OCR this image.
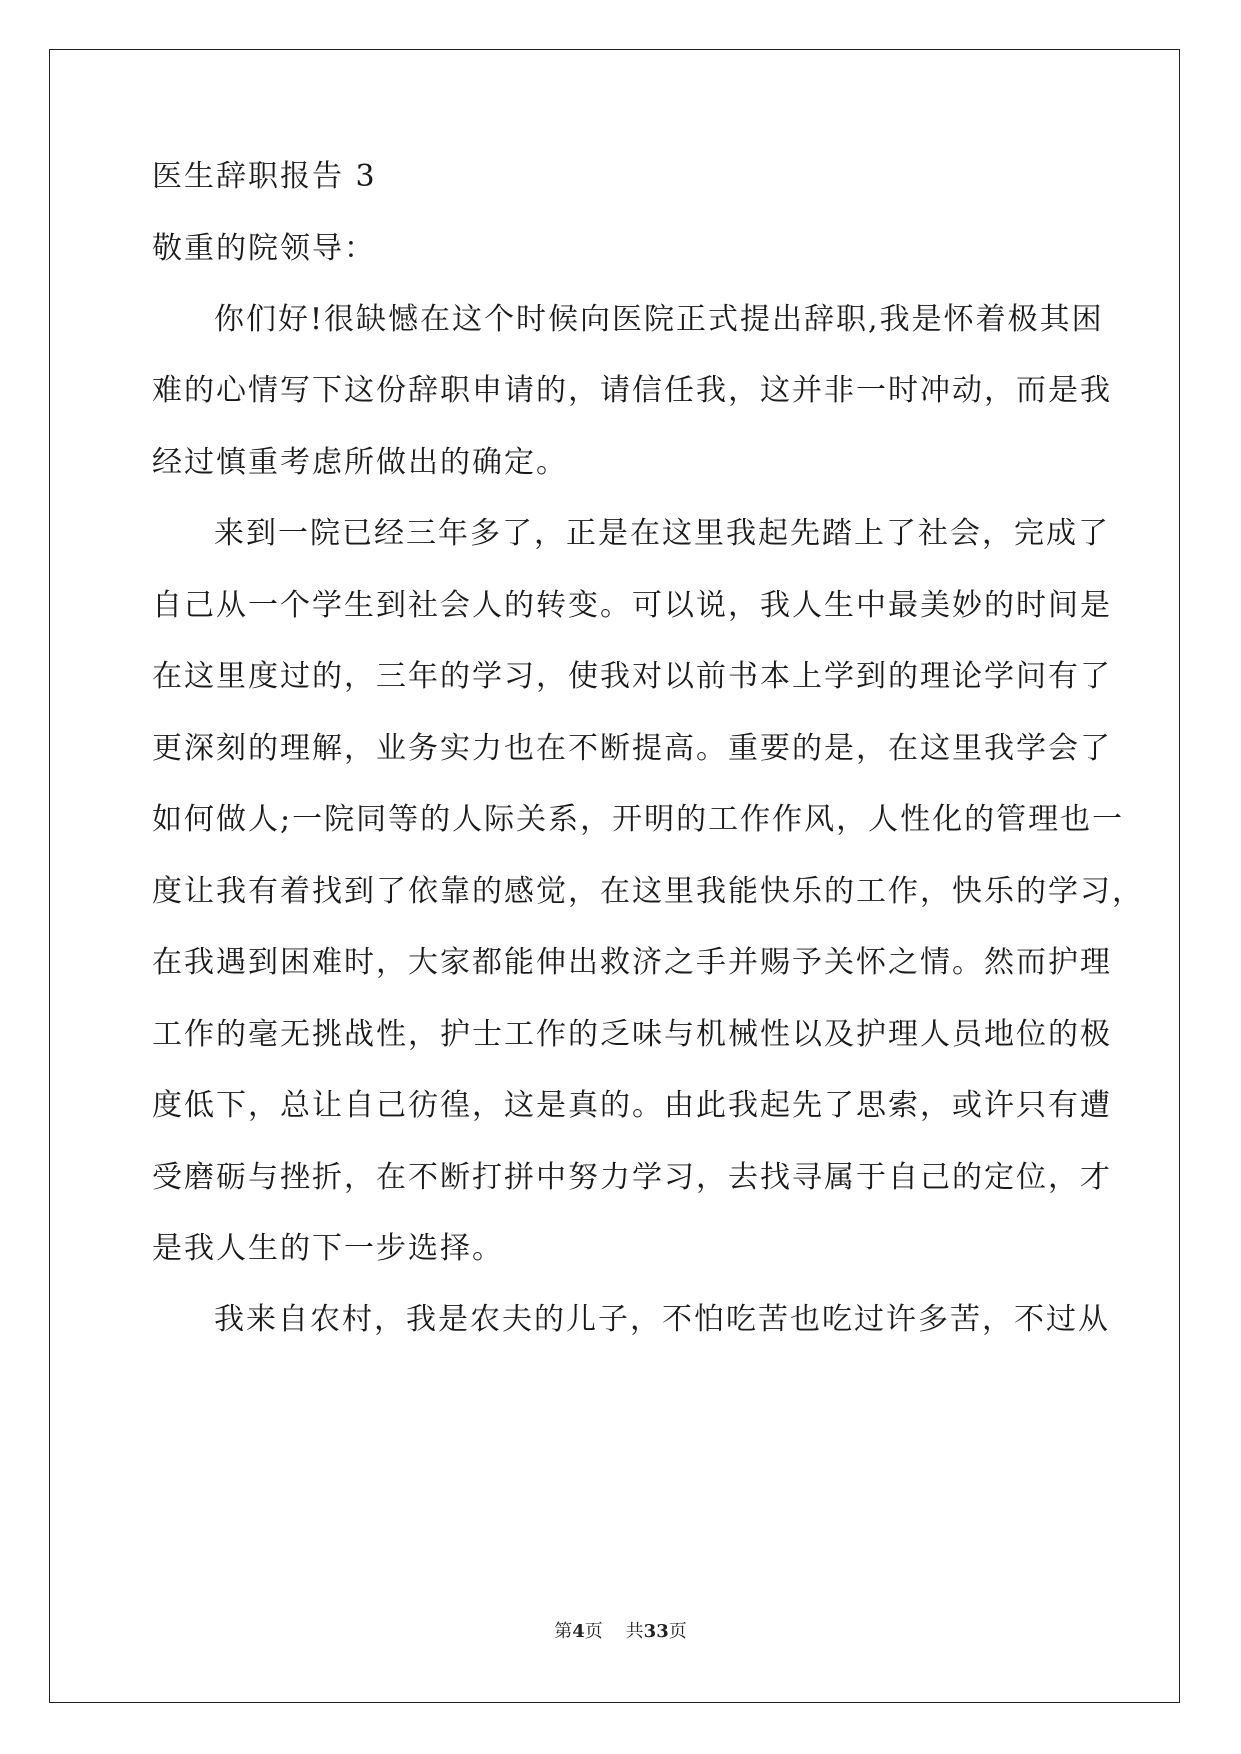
医生辞职报告 3
敬重的院领导：
你们好!很缺憾在这个时候向医院正式提出辞职,我是怀着极其困
难的心情写下这份辞职申请的，请信任我，这并非一时冲动，而是我
经过慎重考虑所做出的确定。
来到一院已经三年多了，正是在这里我起先踏上了社会，完成了
自己从一个学生到社会人的转变。可以说，我人生中最美妙的时间是
在这里度过的，三年的学习，使我对以前书本上学到的理论学问有了
更深刻的理解，业务实力也在不断提高。重要的是，在这里我学会了
如何做人;一院同等的人际关系，开明的工作作风，人性化的管理也一
度让我有着找到了依靠的感觉，在这里我能快乐的工作，快乐的学习，
在我遇到困难时，大家都能伸出救济之手并赐予关怀之情。然而护理
工作的毫无挑战性，护士工作的乏味与机械性以及护理人员地位的极
度低下，总让自己彷徨，这是真的。由此我起先了思索，或许只有遭
受磨砺与挫折，在不断打拼中努力学习，去找寻属于自己的定位，才
是我人生的下一步选择。
我来自农村，我是农夫的儿子，不怕吃苦也吃过许多苦，不过从
第4页 共33页
